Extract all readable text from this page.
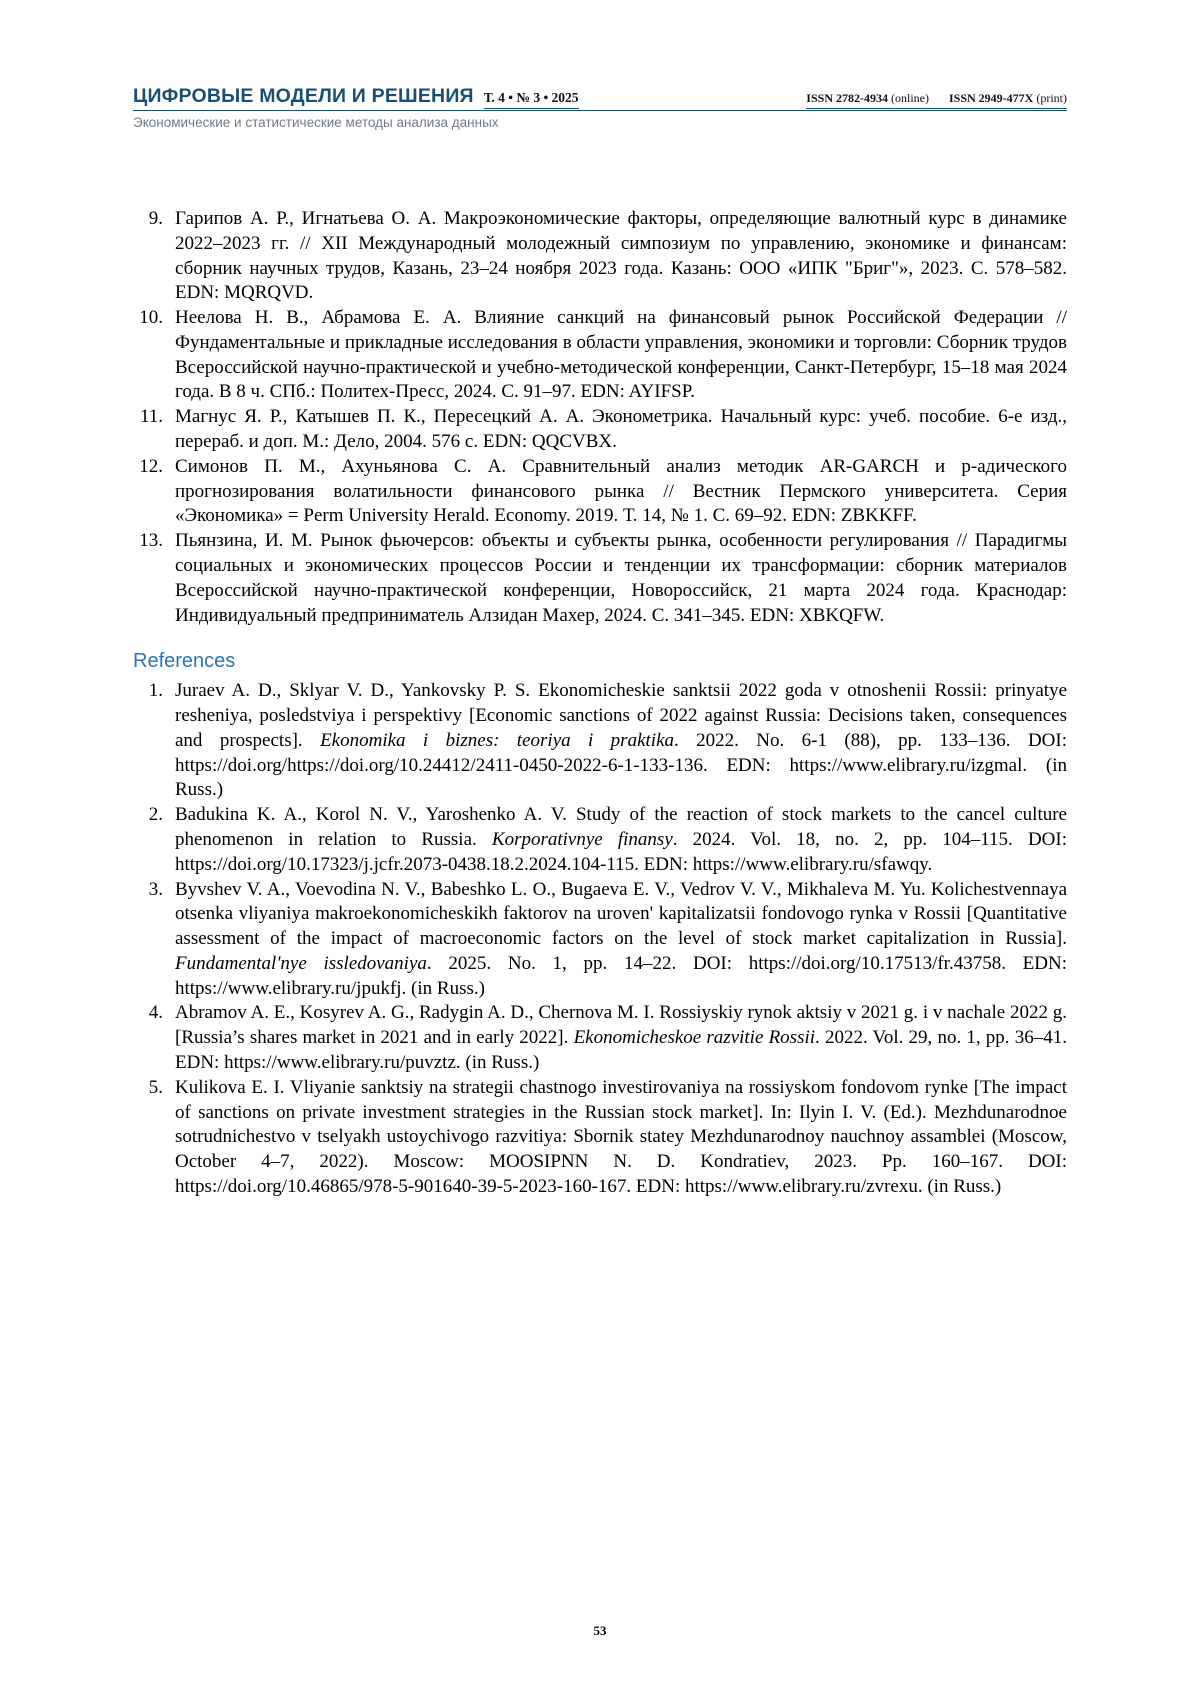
ЦИФРОВЫЕ МОДЕЛИ И РЕШЕНИЯ Т. 4 • № 3 • 2025	ISSN 2782-4934 (online) ISSN 2949-477X (print)
Экономические и статистические методы анализа данных
9. Гарипов А. Р., Игнатьева О. А. Макроэкономические факторы, определяющие валютный курс в динамике 2022–2023 гг. // XII Международный молодежный симпозиум по управлению, экономике и финансам: сборник научных трудов, Казань, 23–24 ноября 2023 года. Казань: ООО «ИПК "Бриг"», 2023. С. 578–582. EDN: MQRQVD.
10. Неелова Н. В., Абрамова Е. А. Влияние санкций на финансовый рынок Российской Федерации // Фундаментальные и прикладные исследования в области управления, экономики и торговли: Сборник трудов Всероссийской научно-практической и учебно-методической конференции, Санкт-Петербург, 15–18 мая 2024 года. В 8 ч. СПб.: Политех-Пресс, 2024. С. 91–97. EDN: AYIFSP.
11. Магнус Я. Р., Катышев П. К., Пересецкий А. А. Эконометрика. Начальный курс: учеб. пособие. 6-е изд., перераб. и доп. М.: Дело, 2004. 576 с. EDN: QQCVBX.
12. Симонов П. М., Ахуньянова С. А. Сравнительный анализ методик AR-GARCH и p-адического прогнозирования волатильности финансового рынка // Вестник Пермского университета. Серия «Экономика» = Perm University Herald. Economy. 2019. Т. 14, № 1. С. 69–92. EDN: ZBKKFF.
13. Пьянзина, И. М. Рынок фьючерсов: объекты и субъекты рынка, особенности регулирования // Парадигмы социальных и экономических процессов России и тенденции их трансформации: сборник материалов Всероссийской научно-практической конференции, Новороссийск, 21 марта 2024 года. Краснодар: Индивидуальный предприниматель Алзидан Махер, 2024. С. 341–345. EDN: XBKQFW.
References
1. Juraev A. D., Sklyar V. D., Yankovsky P. S. Ekonomicheskie sanktsii 2022 goda v otnoshenii Rossii: prinyatye resheniya, posledstviya i perspektivy [Economic sanctions of 2022 against Russia: Decisions taken, consequences and prospects]. Ekonomika i biznes: teoriya i praktika. 2022. No. 6-1 (88), pp. 133–136. DOI: https://doi.org/https://doi.org/10.24412/2411-0450-2022-6-1-133-136. EDN: https://www.elibrary.ru/izgmal. (in Russ.)
2. Badukina K. A., Korol N. V., Yaroshenko A. V. Study of the reaction of stock markets to the cancel culture phenomenon in relation to Russia. Korporativnye finansy. 2024. Vol. 18, no. 2, pp. 104–115. DOI: https://doi.org/10.17323/j.jcfr.2073-0438.18.2.2024.104-115. EDN: https://www.elibrary.ru/sfawqy.
3. Byvshev V. A., Voevodina N. V., Babeshko L. O., Bugaeva E. V., Vedrov V. V., Mikhaleva M. Yu. Kolichestvennaya otsenka vliyaniya makroekonomicheskikh faktorov na uroven' kapitalizatsii fondovogo rynka v Rossii [Quantitative assessment of the impact of macroeconomic factors on the level of stock market capitalization in Russia]. Fundamental'nye issledovaniya. 2025. No. 1, pp. 14–22. DOI: https://doi.org/10.17513/fr.43758. EDN: https://www.elibrary.ru/jpukfj. (in Russ.)
4. Abramov A. E., Kosyrev A. G., Radygin A. D., Chernova M. I. Rossiyskiy rynok aktsiy v 2021 g. i v nachale 2022 g. [Russia’s shares market in 2021 and in early 2022]. Ekonomicheskoe razvitie Rossii. 2022. Vol. 29, no. 1, pp. 36–41. EDN: https://www.elibrary.ru/puvztz. (in Russ.)
5. Kulikova E. I. Vliyanie sanktsiy na strategii chastnogo investirovaniya na rossiyskom fondovom rynke [The impact of sanctions on private investment strategies in the Russian stock market]. In: Ilyin I. V. (Ed.). Mezhdunarodnoe sotrudnichestvo v tselyakh ustoychivogo razvitiya: Sbornik statey Mezhdunarodnoy nauchnoy assamblei (Moscow, October 4–7, 2022). Moscow: MOOSIPNN N. D. Kondratiev, 2023. Pp. 160–167. DOI: https://doi.org/10.46865/978-5-901640-39-5-2023-160-167. EDN: https://www.elibrary.ru/zvrexu. (in Russ.)
53
